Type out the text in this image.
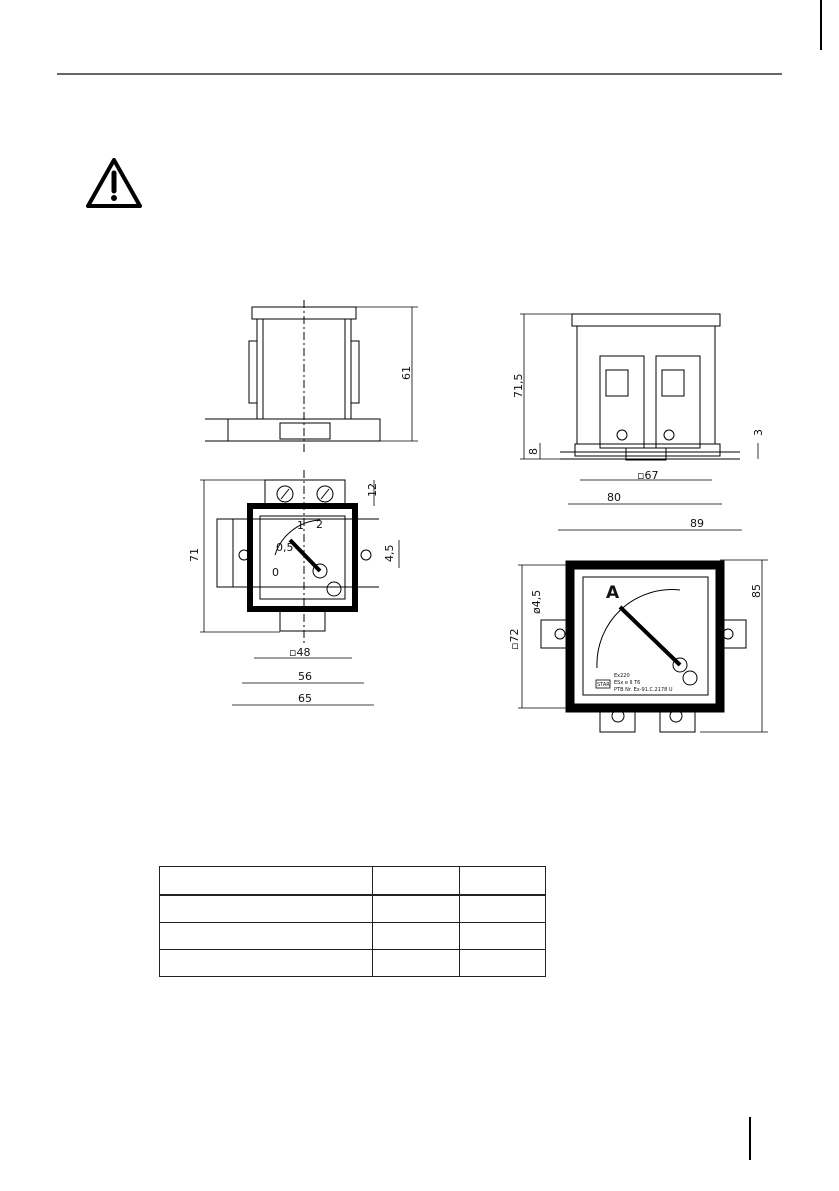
61
71,5
8
3
▫67
80
89
71
12
4,5
0
0,5
1 2
▫48
56
65
A
Ex220
ESx e II T6
PTB Nr. Ex-91.C.2178 U
STAR
▫72
ø4,5	85
